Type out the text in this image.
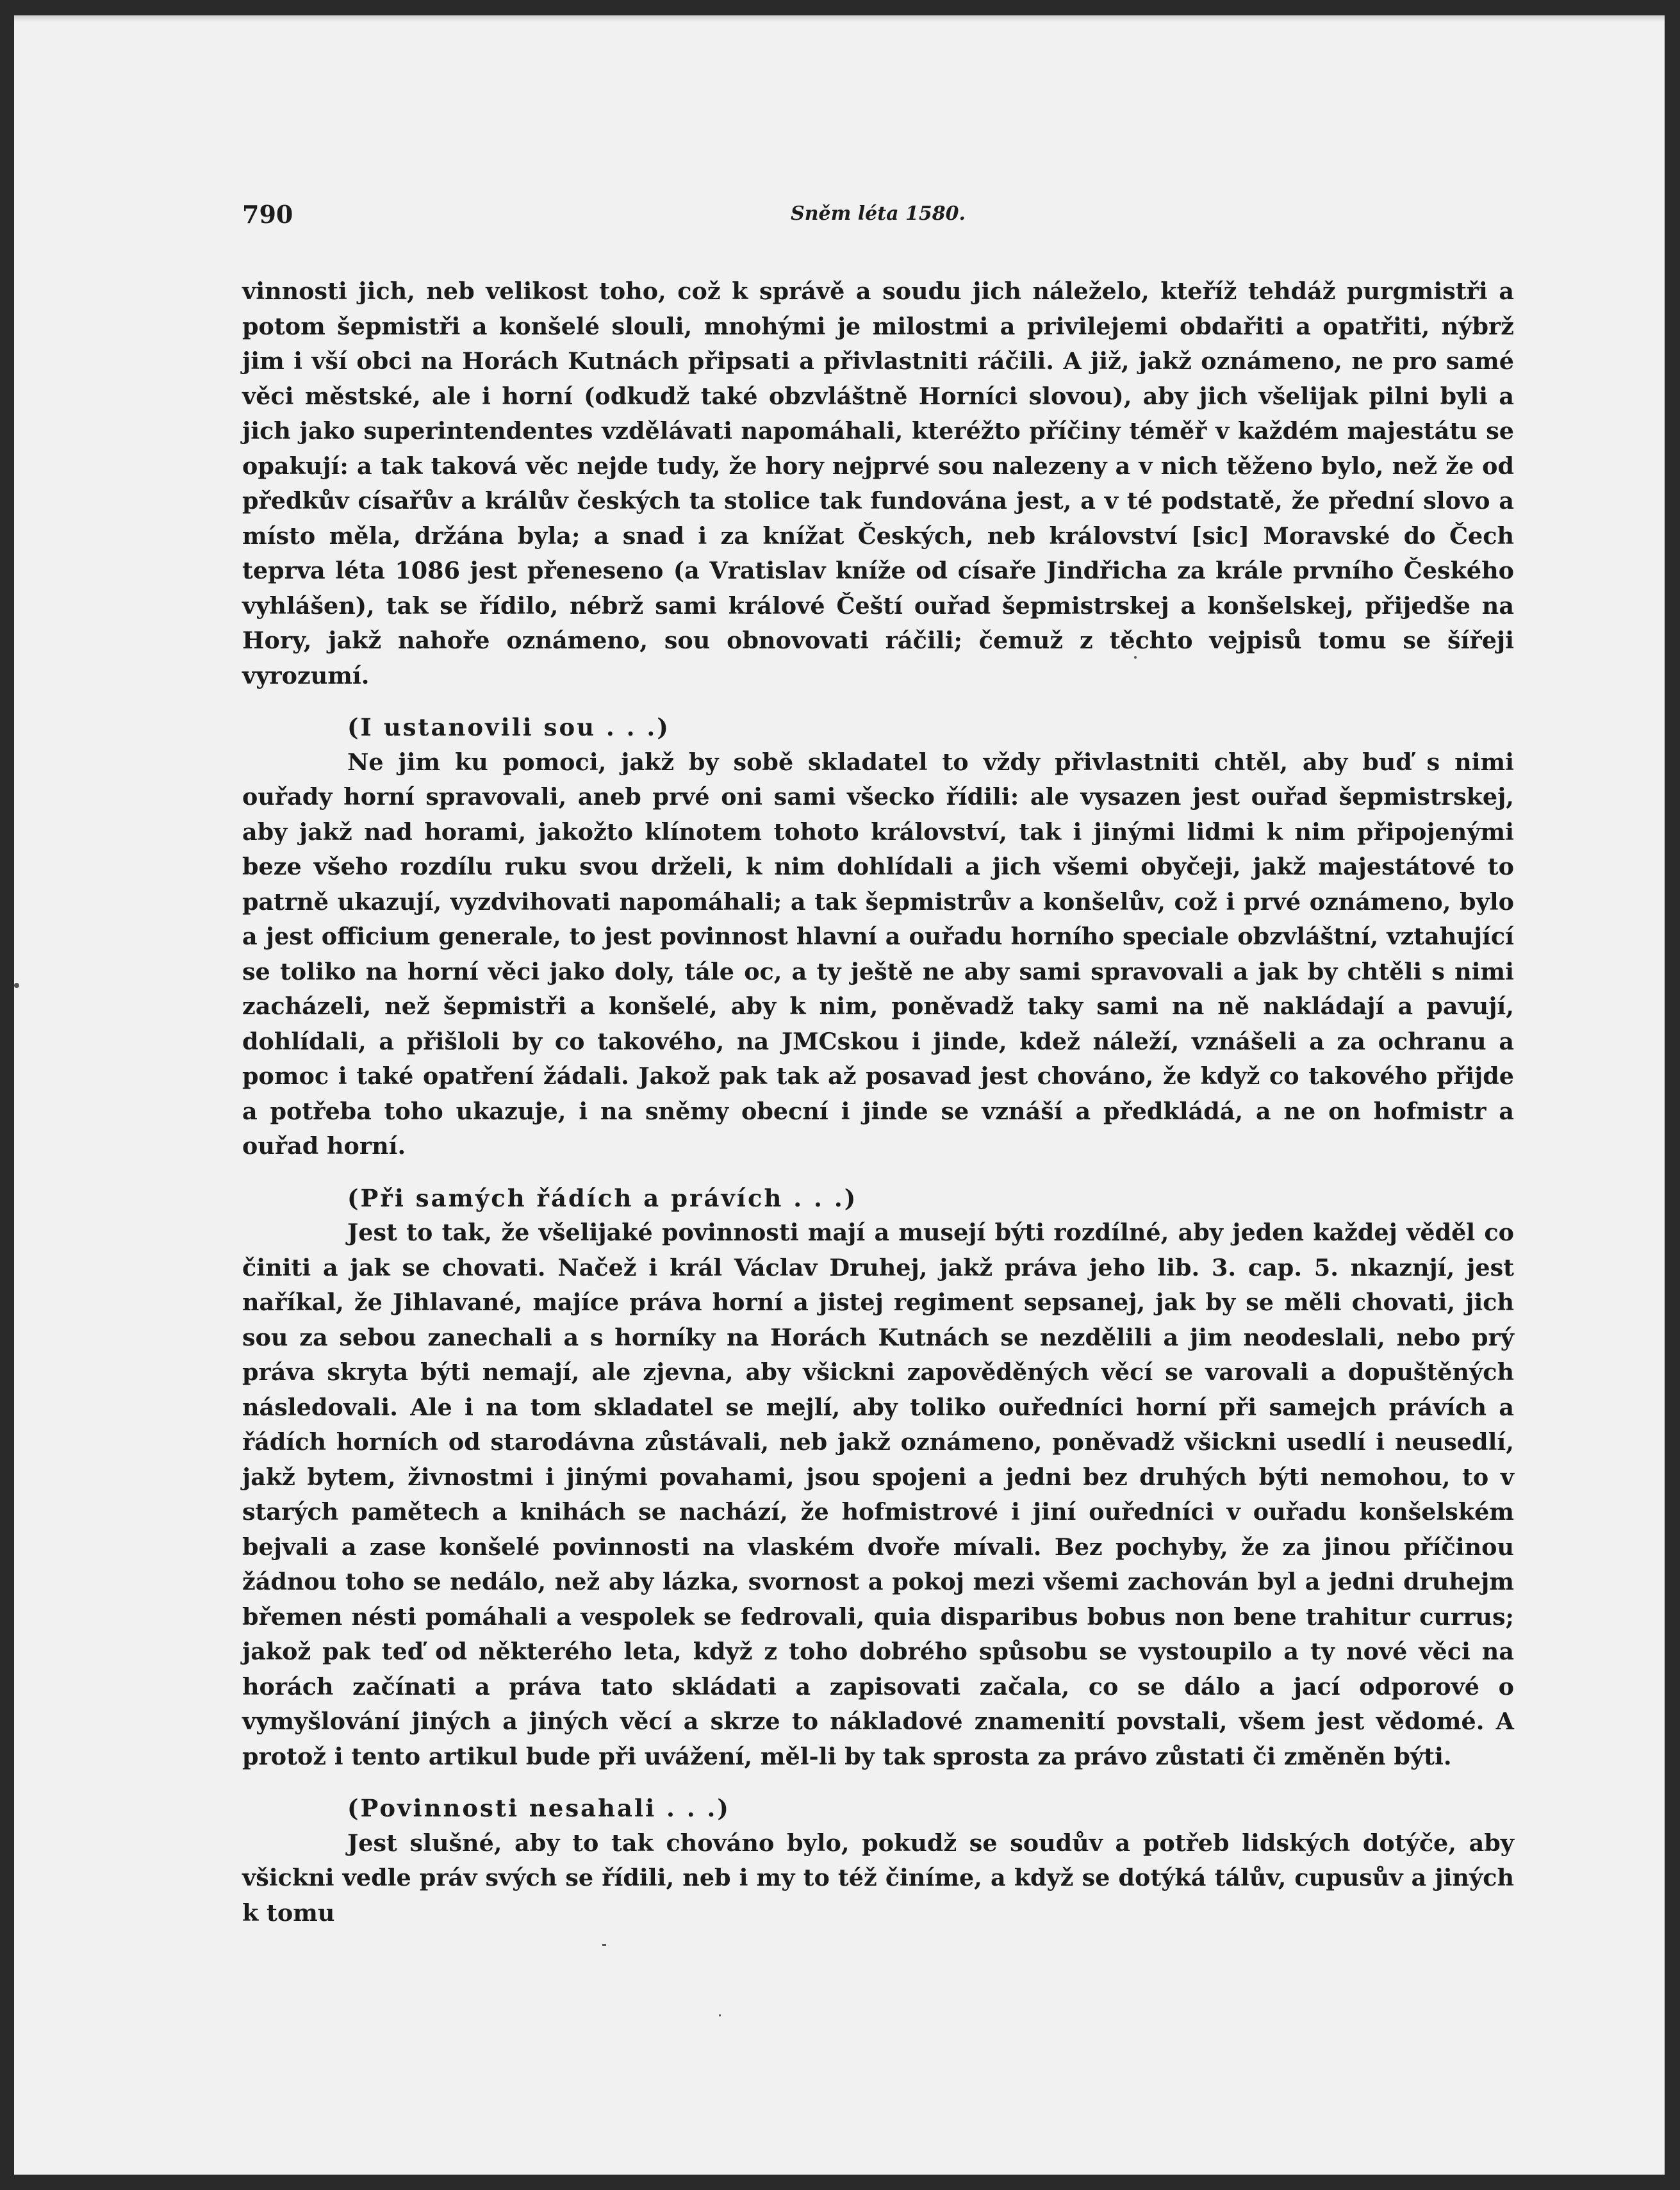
790	Sněm léta 1580.

vinnosti jich, neb velikost toho, což k správě a soudu jich náleželo, kteříž tehdáž purgmistři a potom šepmistři a konšelé slouli, mnohými je milostmi a privilejemi obdařiti a opatřiti, nýbrž jim i vší obci na Horách Kutnách připsati a přivlastniti ráčili. A již, jakž oznámeno, ne pro samé věci městské, ale i horní (odkudž také obzvláštně Horníci slovou), aby jich všelijak pilni byli a jich jako superintendentes vzdělávati napomáhali, kteréžto příčiny téměř v každém majestátu se opakují: a tak taková věc nejde tudy, že hory nejprvé sou nalezeny a v nich těženo bylo, než že od předkův císařův a králův českých ta stolice tak fundována jest, a v té podstatě, že přední slovo a místo měla, držána byla; a snad i za knížat Českých, neb království [sic] Moravské do Čech teprva léta 1086 jest přeneseno (a Vratislav kníže od císaře Jindřicha za krále prvního Českého vyhlášen), tak se řídilo, nébrž sami králové Čeští ouřad šepmistrskej a konšelskej, přijedše na Hory, jakž nahoře oznámeno, sou obnovovati ráčili; čemuž z těchto vejpisů tomu se šířeji vyrozumí.

(I ustanovili sou . . .)

Ne jim ku pomoci, jakž by sobě skladatel to vždy přivlastniti chtěl, aby buď s nimi ouřady horní spravovali, aneb prvé oni sami všecko řídili: ale vysazen jest ouřad šepmistrskej, aby jakž nad horami, jakožto klínotem tohoto království, tak i jinými lidmi k nim připojenými beze všeho rozdílu ruku svou drželi, k nim dohlídali a jich všemi obyčeji, jakž majestátové to patrně ukazují, vyzdvihovati napomáhali; a tak šepmistrův a konšelův, což i prvé oznámeno, bylo a jest officium generale, to jest povinnost hlavní a ouřadu horního speciale obzvláštní, vztahující se toliko na horní věci jako doly, tále oc, a ty ještě ne aby sami spravovali a jak by chtěli s nimi zacházeli, než šepmistři a konšelé, aby k nim, poněvadž taky sami na ně nakládají a pavují, dohlídali, a přišloli by co takového, na JMCskou i jinde, kdež náleží, vznášeli a za ochranu a pomoc i také opatření žádali. Jakož pak tak až posavad jest chováno, že když co takového přijde a potřeba toho ukazuje, i na sněmy obecní i jinde se vznáší a předkládá, a ne on hofmistr a ouřad horní.

(Při samých řádích a právích . . .)

Jest to tak, že všelijaké povinnosti mají a musejí býti rozdílné, aby jeden každej věděl co činiti a jak se chovati. Načež i král Václav Druhej, jakž práva jeho lib. 3. cap. 5. nkaznjí, jest naříkal, že Jihlavané, majíce práva horní a jistej regiment sepsanej, jak by se měli chovati, jich sou za sebou zanechali a s horníky na Horách Kutnách se nezdělili a jim neodeslali, nebo prý práva skryta býti nemají, ale zjevna, aby všickni zapověděných věcí se varovali a dopuštěných následovali. Ale i na tom skladatel se mejlí, aby toliko ouředníci horní při samejch právích a řádích horních od starodávna zůstávali, neb jakž oznámeno, poněvadž všickni usedlí i neusedlí, jakž bytem, živnostmi i jinými povahami, jsou spojeni a jedni bez druhých býti nemohou, to v starých pamětech a knihách se nachází, že hofmistrové i jiní ouředníci v ouřadu konšelském bejvali a zase konšelé povinnosti na vlaském dvoře mívali. Bez pochyby, že za jinou příčinou žádnou toho se nedálo, než aby lázka, svornost a pokoj mezi všemi zachován byl a jedni druhejm břemen nésti pomáhali a vespolek se fedrovali, quia disparibus bobus non bene trahitur currus; jakož pak teď od některého leta, když z toho dobrého spůsobu se vystoupilo a ty nové věci na horách začínati a práva tato skládati a zapisovati začala, co se dálo a jací odporové o vymyšlování jiných a jiných věcí a skrze to nákladové znamenití povstali, všem jest vědomé. A protož i tento artikul bude při uvážení, měl-li by tak sprosta za právo zůstati či změněn býti.

(Povinnosti nesahali . . .)

Jest slušné, aby to tak chováno bylo, pokudž se soudův a potřeb lidských dotýče, aby všickni vedle práv svých se řídili, neb i my to též činíme, a když se dotýká tálův, cupusův a jiných k tomu
